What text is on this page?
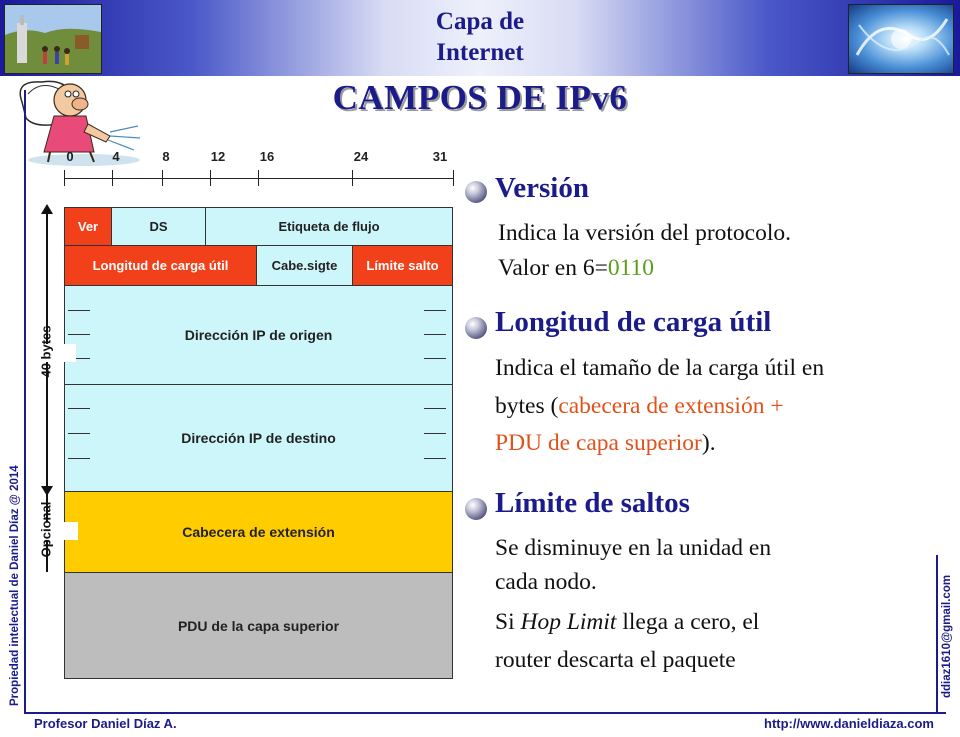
Capa de
Internet
CAMPOS DE IPv6
0	4	8	12	16	24	31
Ver	DS	Etiqueta de flujo
Longitud de carga útil	Cabe.sigte	Límite salto
Dirección IP de origen
Dirección IP de destino
Cabecera de extensión
PDU de la capa superior
40 bytes
Opcional
Versión
Indica la versión del protocolo.
Valor en 6=0110
Longitud de carga útil
Indica el tamaño de la carga útil en
bytes (cabecera de extensión +
PDU de capa superior).
Límite de saltos
Se disminuye en la unidad en
cada nodo.
Si Hop Limit llega a cero, el
router descarta el paquete
Propiedad intelectual de Daniel Díaz @ 2014	ddiaz1610@gmail.com
Profesor Daniel Díaz A.	http://www.danieldiaza.com
